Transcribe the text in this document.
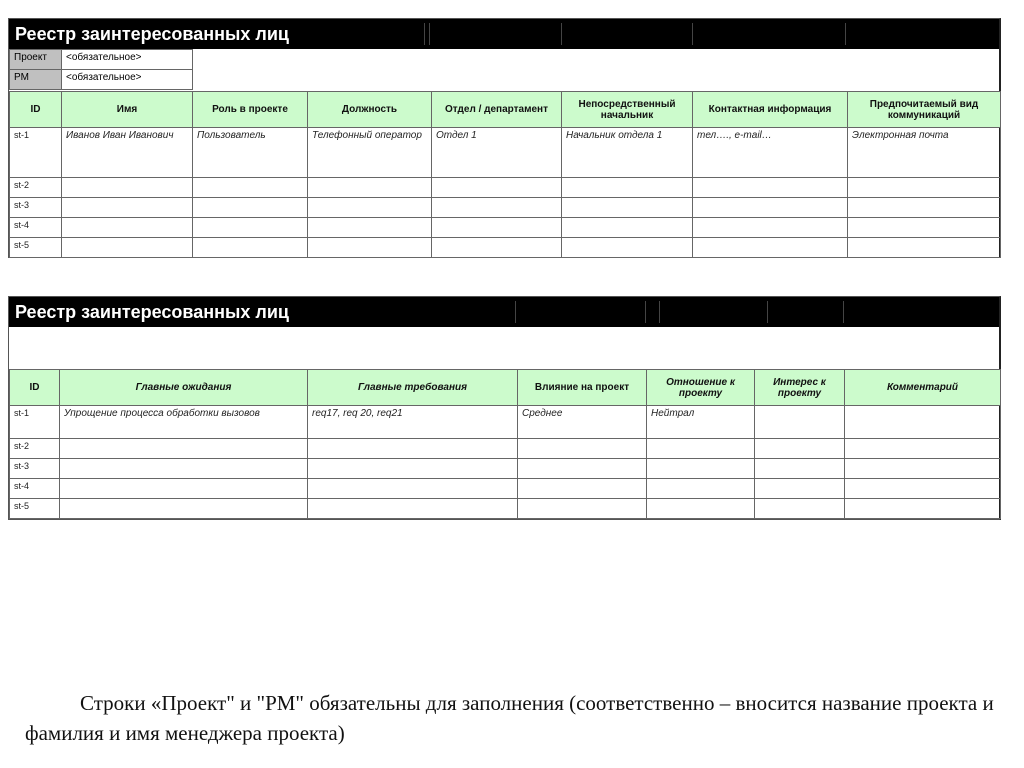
Реестр заинтересованных лиц
Проект	<обязательное>
PM	<обязательное>
ID	Имя	Роль в проекте	Должность	Отдел / департамент	Непосредственный начальник	Контактная информация	Предпочитаемый вид коммуникаций
st-1	Иванов Иван Иванович	Пользователь	Телефонный оператор	Отдел 1	Начальник отдела 1	тел…., e-mail…	Электронная почта
st-2							
st-3							
st-4							
st-5							
Реестр заинтересованных лиц
ID	Главные ожидания	Главные требования	Влияние на проект	Отношение к проекту	Интерес к проекту	Комментарий
st-1	Упрощение процесса обработки вызовов	req17, req 20, req21	Среднее	Нейтрал		
st-2						
st-3						
st-4						
st-5						
Строки «Проект" и "PM" обязательны для заполнения (соответственно – вносится название проекта и фамилия и имя менеджера проекта)
